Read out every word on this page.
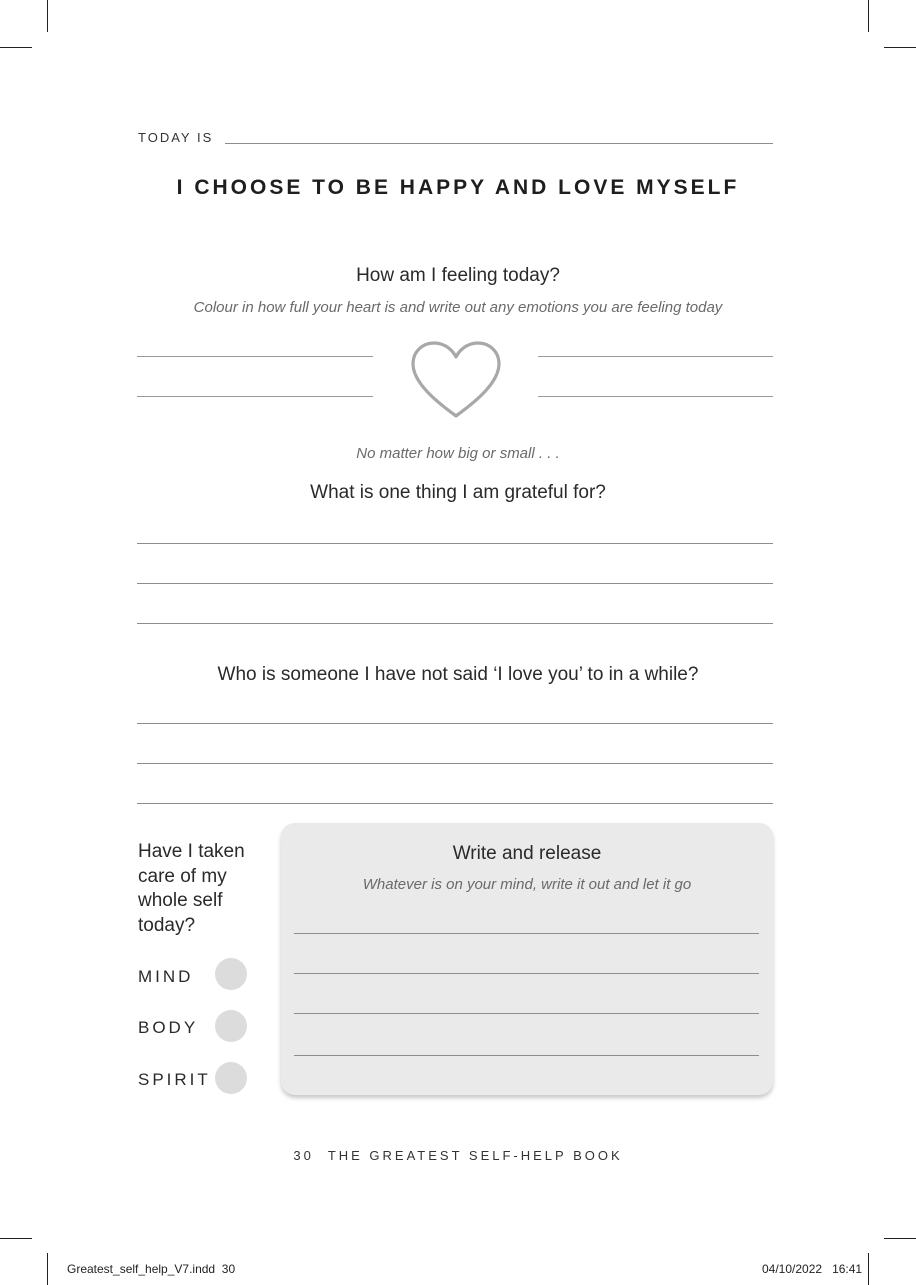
TODAY IS
I CHOOSE TO BE HAPPY AND LOVE MYSELF
How am I feeling today?
Colour in how full your heart is and write out any emotions you are feeling today
No matter how big or small . . .
What is one thing I am grateful for?
Who is someone I have not said ‘I love you’ to in a while?
Have I taken care of my whole self today?
MIND
BODY
SPIRIT
Write and release
Whatever is on your mind, write it out and let it go
30 THE GREATEST SELF-HELP BOOK
Greatest_self_help_V7.indd 30	04/10/2022 16:41
